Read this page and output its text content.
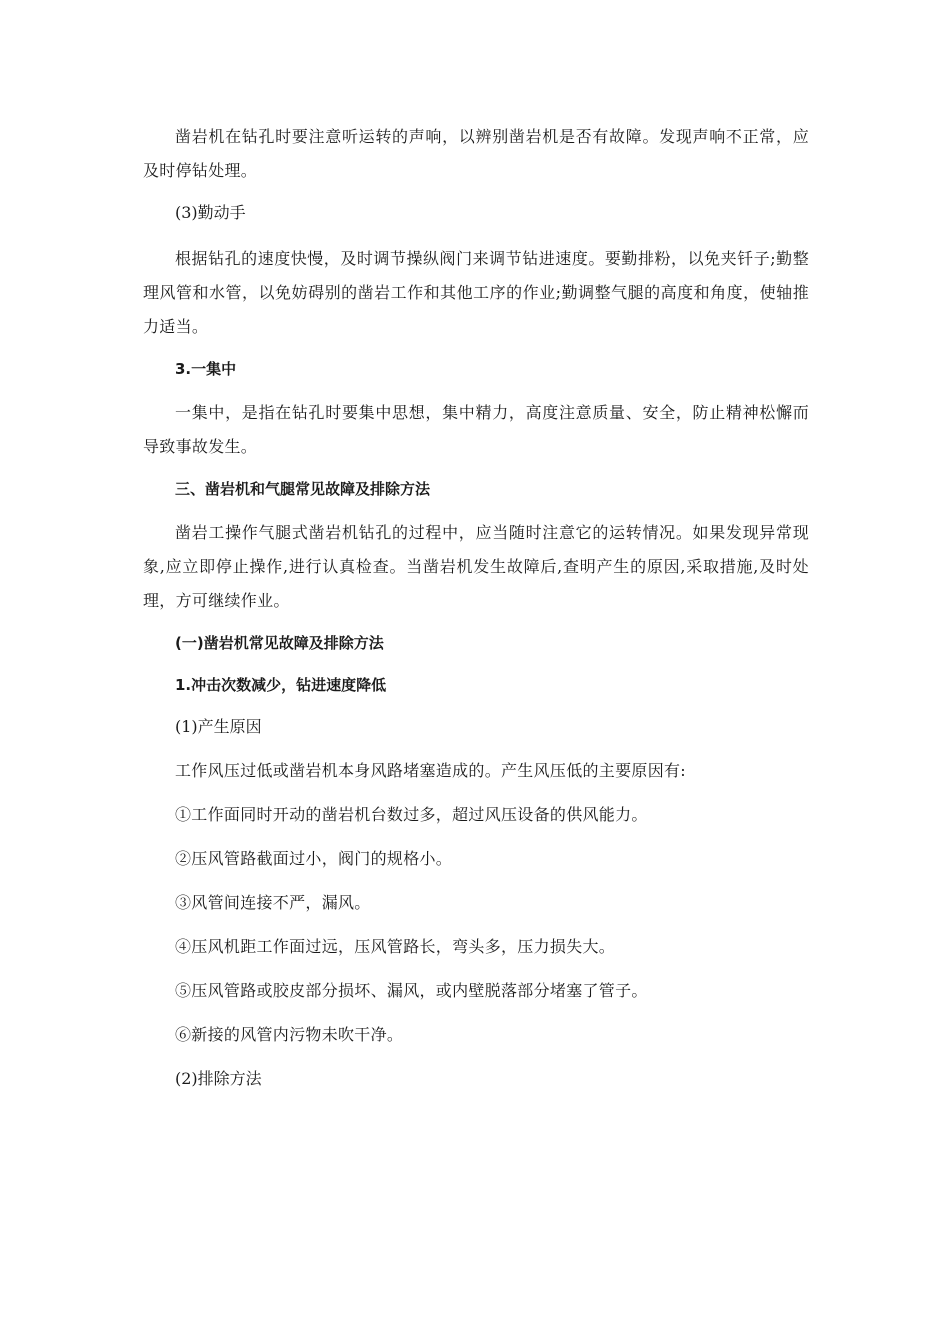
凿岩机在钻孔时要注意听运转的声响，以辨别凿岩机是否有故障。发现声响不正常，应及时停钻处理。

(3)勤动手

根据钻孔的速度快慢，及时调节操纵阀门来调节钻进速度。要勤排粉，以免夹钎子;勤整理风管和水管，以免妨碍别的凿岩工作和其他工序的作业;勤调整气腿的高度和角度，使轴推力适当。

3.一集中

一集中，是指在钻孔时要集中思想，集中精力，高度注意质量、安全，防止精神松懈而导致事故发生。

三、凿岩机和气腿常见故障及排除方法

凿岩工操作气腿式凿岩机钻孔的过程中，应当随时注意它的运转情况。如果发现异常现象,应立即停止操作,进行认真检查。当凿岩机发生故障后,查明产生的原因,采取措施,及时处理，方可继续作业。

(一)凿岩机常见故障及排除方法
1.冲击次数减少，钻进速度降低
(1)产生原因
工作风压过低或凿岩机本身风路堵塞造成的。产生风压低的主要原因有:
①工作面同时开动的凿岩机台数过多，超过风压设备的供风能力。
②压风管路截面过小，阀门的规格小。
③风管间连接不严，漏风。
④压风机距工作面过远，压风管路长，弯头多，压力损失大。
⑤压风管路或胶皮部分损坏、漏风，或内壁脱落部分堵塞了管子。
⑥新接的风管内污物未吹干净。
(2)排除方法
